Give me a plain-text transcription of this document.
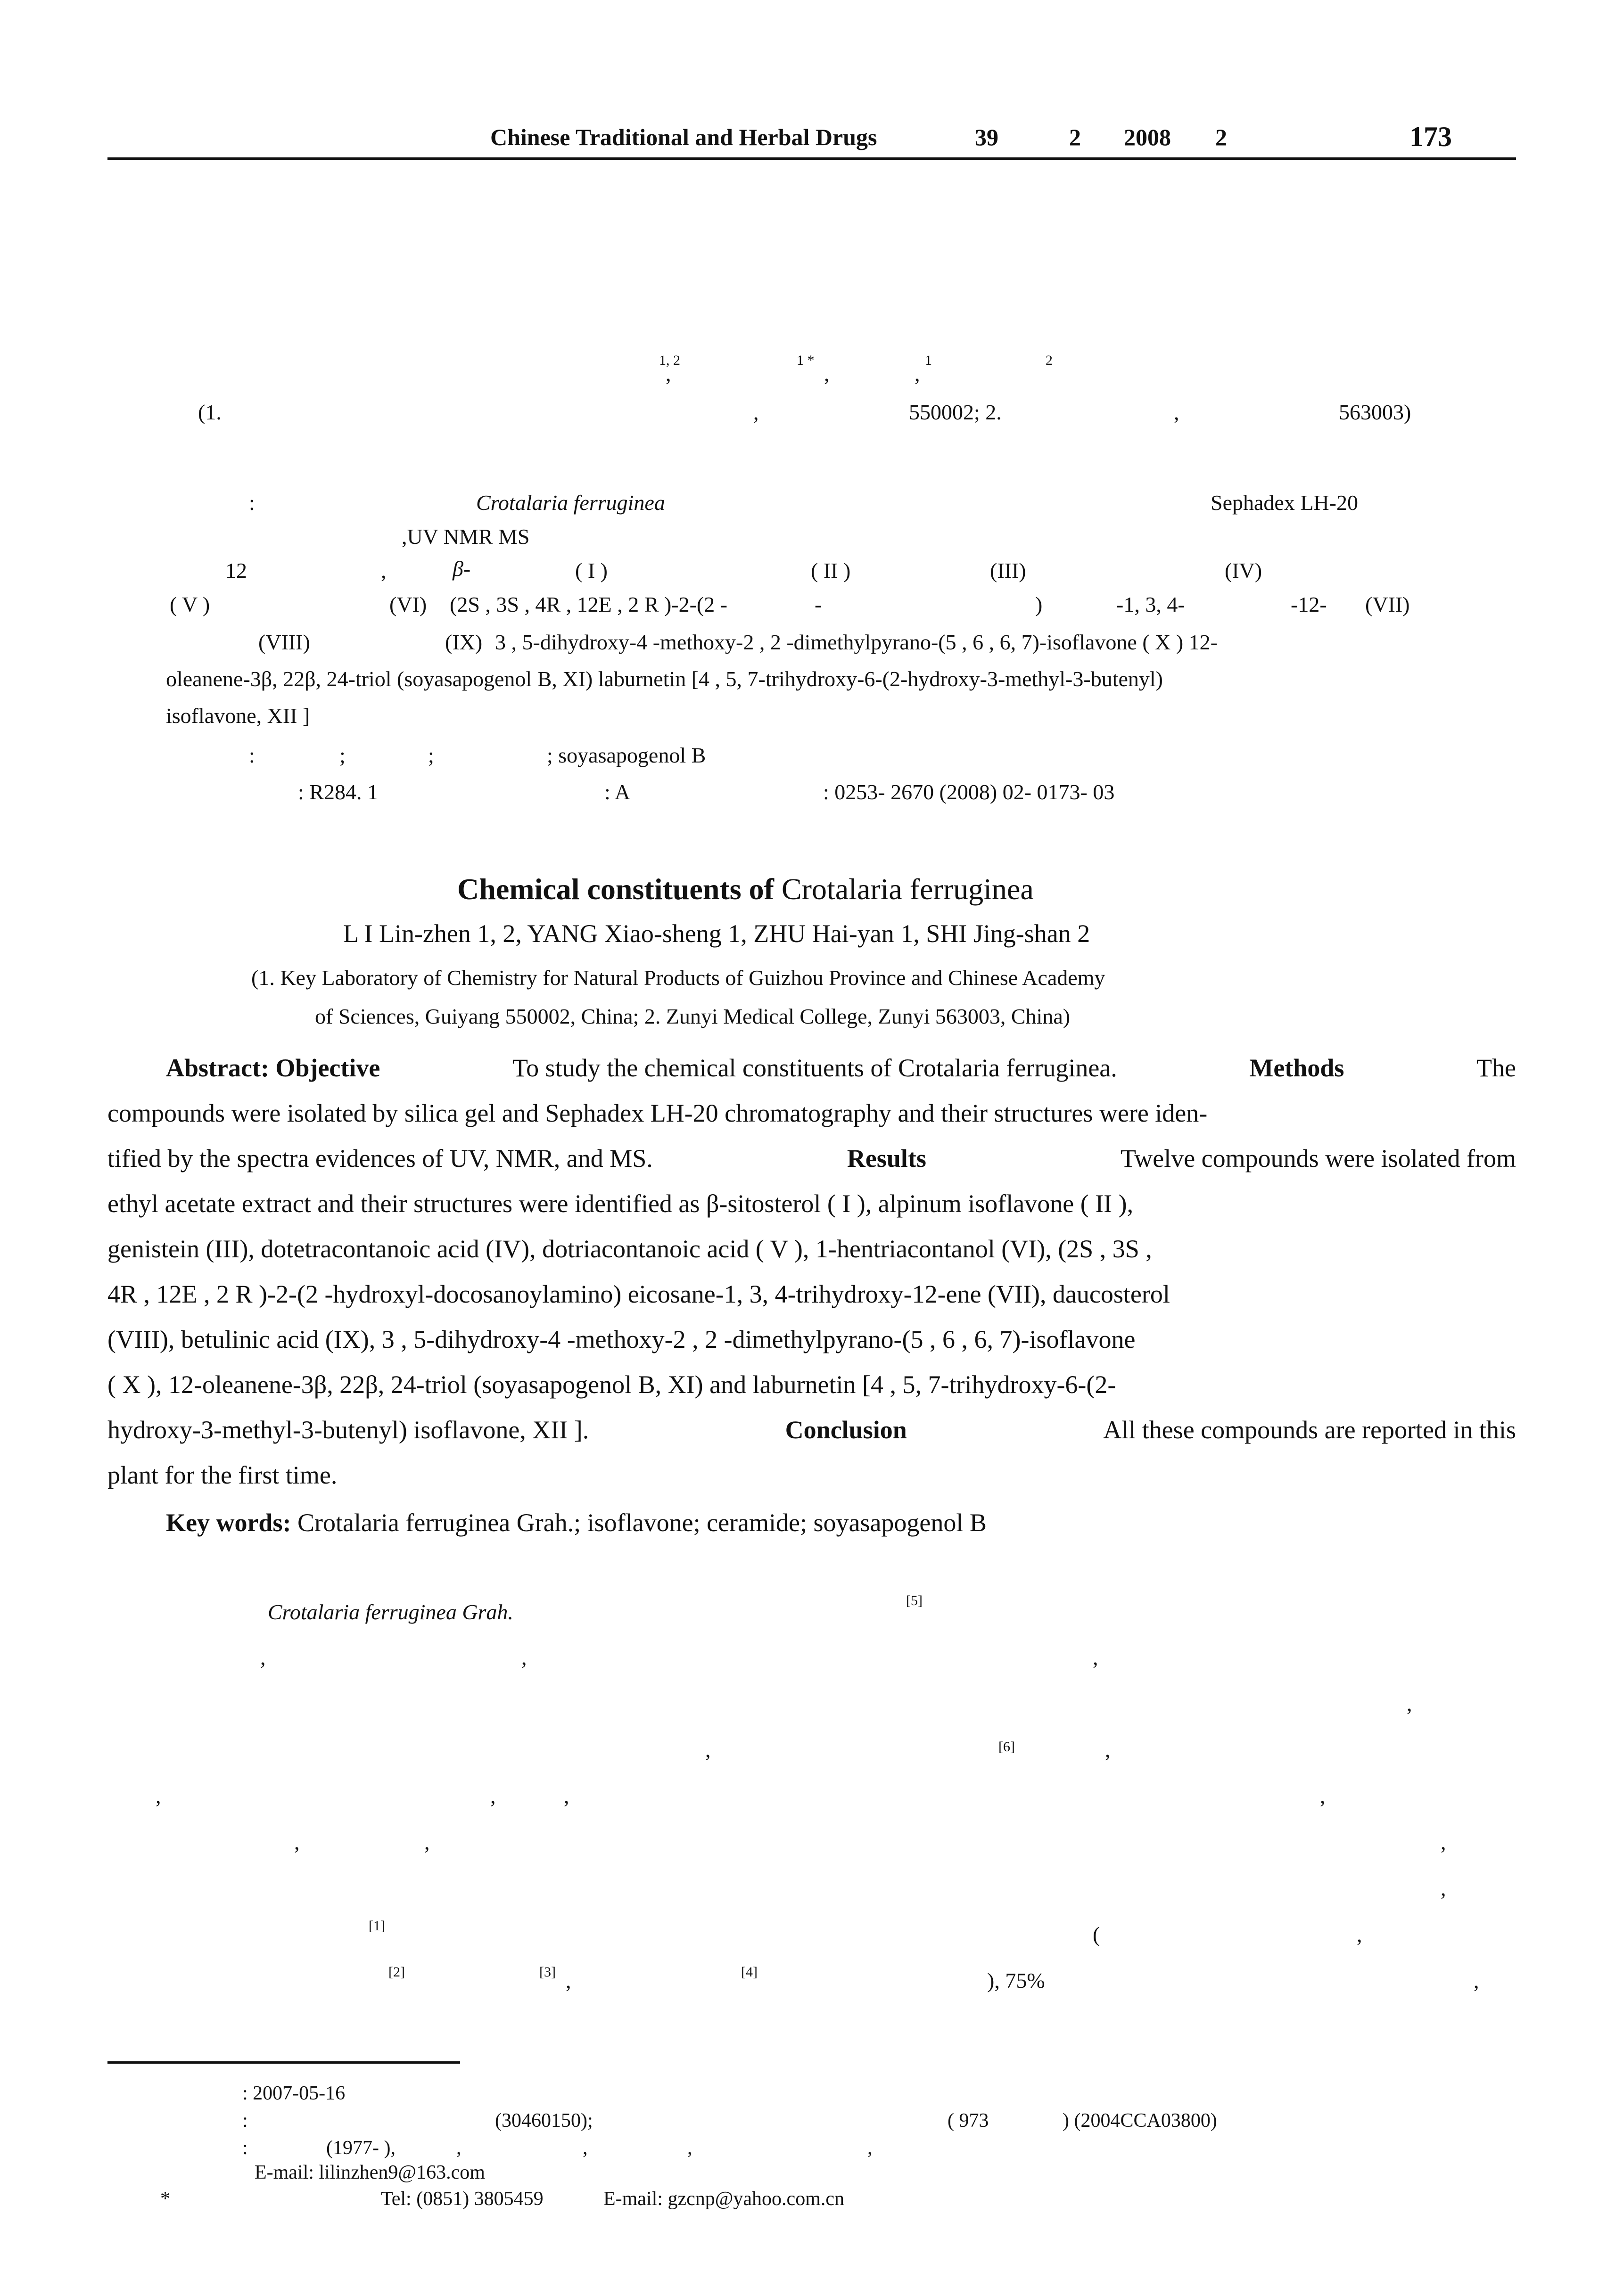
Chinese Traditional and Herbal Drugs	39	2 2008 2	173
1, 2
,
1 *
,
1
,
2
(1.	,	550002; 2.	,	563003)
:	Crotalaria ferruginea	Sephadex LH-20
,UV NMR MS
12	,	β-	( I )	( II )	(III)	(IV)
( V )	(VI) (2S , 3S , 4R , 12E , 2 R )-2-(2 -	-	)	-1, 3, 4-	-12- (VII)
(VIII)	(IX) 3 , 5-dihydroxy-4 -methoxy-2 , 2 -dimethylpyrano-(5 , 6 , 6, 7)-isoflavone ( X ) 12-
oleanene-3β, 22β, 24-triol (soyasapogenol B, XI) laburnetin [4 , 5, 7-trihydroxy-6-(2-hydroxy-3-methyl-3-butenyl)
isoflavone, XII ]
:	;	;	; soyasapogenol B
: R284. 1	: A	: 0253- 2670 (2008) 02- 0173- 03
Chemical constituents of Crotalaria ferruginea
L I Lin-zhen 1, 2, YANG Xiao-sheng 1, ZHU Hai-yan 1, SHI Jing-shan 2
(1. Key Laboratory of Chemistry for Natural Products of Guizhou Province and Chinese Academy
of Sciences, Guiyang 550002, China; 2. Zunyi Medical College, Zunyi 563003, China)
Abstract: Objective	To study the chemical constituents of Crotalaria ferruginea.	Methods	The
compounds were isolated by silica gel and Sephadex LH-20 chromatography and their structures were iden-
tified by the spectra evidences of UV, NMR, and MS.	Results	Twelve compounds were isolated from
ethyl acetate extract and their structures were identified as β-sitosterol ( I ), alpinum isoflavone ( II ),
genistein (III), dotetracontanoic acid (IV), dotriacontanoic acid ( V ), 1-hentriacontanol (VI), (2S , 3S ,
4R , 12E , 2 R )-2-(2 -hydroxyl-docosanoylamino) eicosane-1, 3, 4-trihydroxy-12-ene (VII), daucosterol
(VIII), betulinic acid (IX), 3 , 5-dihydroxy-4 -methoxy-2 , 2 -dimethylpyrano-(5 , 6 , 6, 7)-isoflavone
( X ), 12-oleanene-3β, 22β, 24-triol (soyasapogenol B, XI) and laburnetin [4 , 5, 7-trihydroxy-6-(2-
hydroxy-3-methyl-3-butenyl) isoflavone, XII ].	Conclusion	All these compounds are reported in this
plant for the first time.
Key words: Crotalaria ferruginea Grah.; isoflavone; ceramide; soyasapogenol B
Crotalaria ferruginea Grah.	[5]
,	,	,
,
,	[6]	,
,	,	,	,
,	,	,
,
[1]	(	,
[2]	[3] ,	[4]	), 75%	,
: 2007-05-16
:	(30460150);	( 973	) (2004CCA03800)
:	(1977- ),	,	,	,	,
E-mail: lilinzhen9@163.com
*	Tel: (0851) 3805459	E-mail: gzcnp@yahoo.com.cn
